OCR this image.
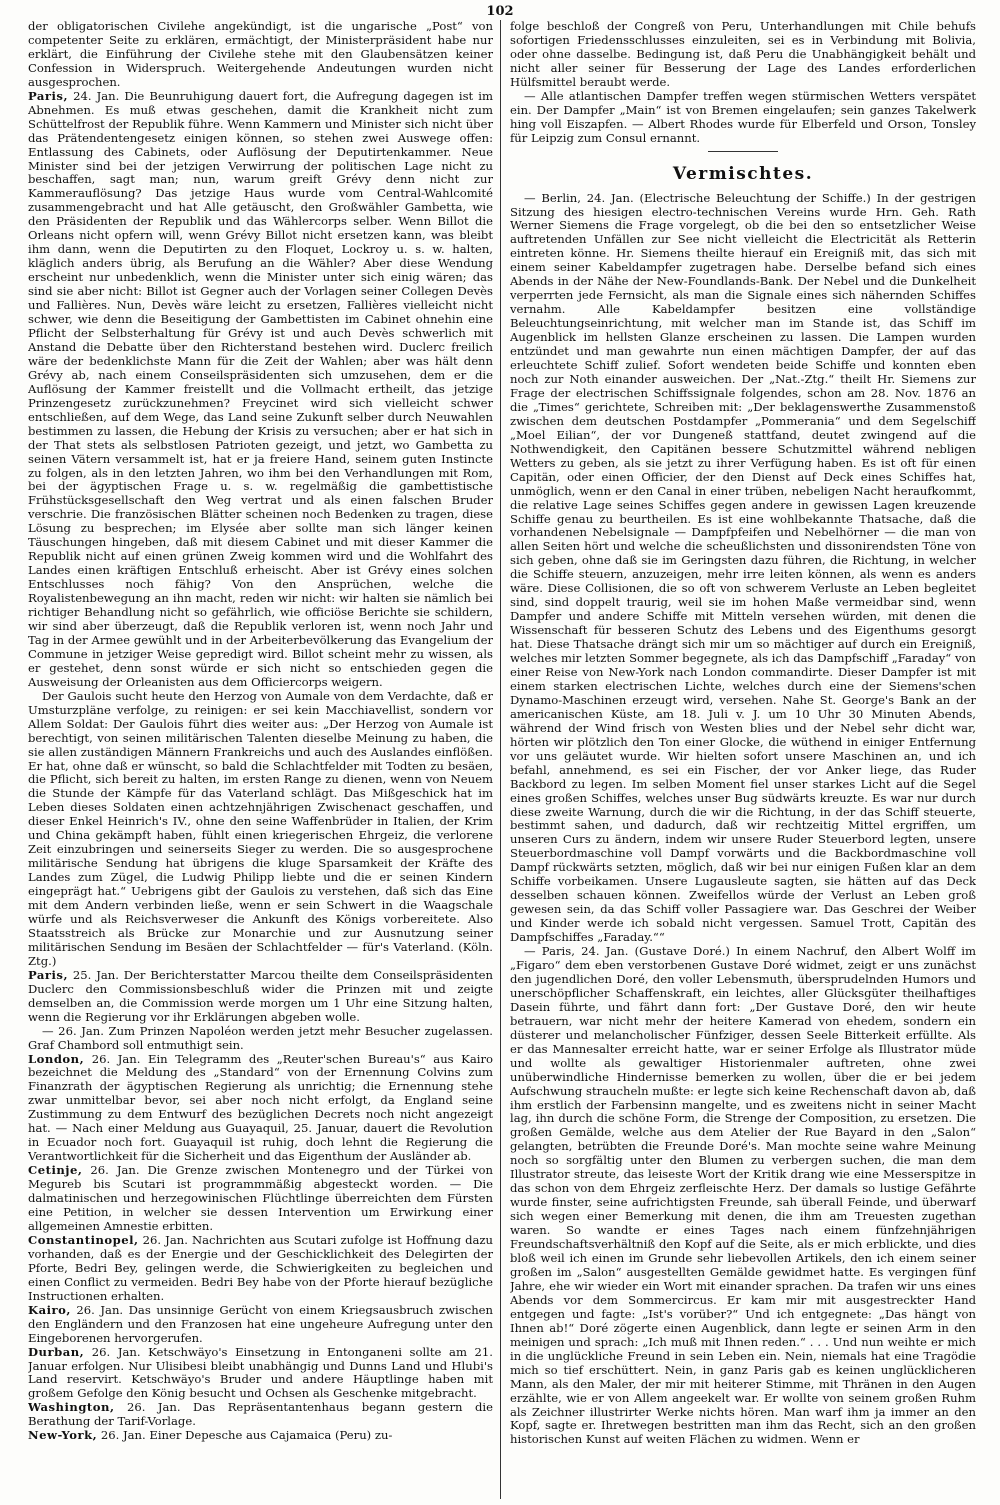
102

der obligatorischen Civilehe angekündigt, ist die ungarische „Post“ von competenter Seite zu erklären, ermächtigt, der Ministerpräsident habe nur erklärt, die Einführung der Civilehe stehe mit den Glaubensätzen keiner Confession in Widerspruch. Weitergehende Andeutungen wurden nicht ausgesprochen.

Paris, 24. Jan. Die Beunruhigung dauert fort, die Aufregung dagegen ist im Abnehmen. Es muß etwas geschehen, damit die Krankheit nicht zum Schüttelfrost der Republik führe. Wenn Kammern und Minister sich nicht über das Prätendentengesetz einigen können, so stehen zwei Auswege offen: Entlassung des Cabinets, oder Auflösung der Deputirtenkammer. Neue Minister sind bei der jetzigen Verwirrung der politischen Lage nicht zu beschaffen, sagt man; nun, warum greift Grévy denn nicht zur Kammerauflösung? Das jetzige Haus wurde vom Central-Wahlcomité zusammengebracht und hat Alle getäuscht, den Großwähler Gambetta, wie den Präsidenten der Republik und das Wählercorps selber. Wenn Billot die Orleans nicht opfern will, wenn Grévy Billot nicht ersetzen kann, was bleibt ihm dann, wenn die Deputirten zu den Floquet, Lockroy u. s. w. halten, kläglich anders übrig, als Berufung an die Wähler? Aber diese Wendung erscheint nur unbedenklich, wenn die Minister unter sich einig wären; das sind sie aber nicht: Billot ist Gegner auch der Vorlagen seiner Collegen Devès und Fallières. Nun, Devès wäre leicht zu ersetzen, Fallières vielleicht nicht schwer, wie denn die Beseitigung der Gambettisten im Cabinet ohnehin eine Pflicht der Selbsterhaltung für Grévy ist und auch Devès schwerlich mit Anstand die Debatte über den Richterstand bestehen wird. Duclerc freilich wäre der bedenklichste Mann für die Zeit der Wahlen; aber was hält denn Grévy ab, nach einem Conseilspräsidenten sich umzusehen, dem er die Auflösung der Kammer freistellt und die Vollmacht ertheilt, das jetzige Prinzengesetz zurückzunehmen? Freycinet wird sich vielleicht schwer entschließen, auf dem Wege, das Land seine Zukunft selber durch Neuwahlen bestimmen zu lassen, die Hebung der Krisis zu versuchen; aber er hat sich in der That stets als selbstlosen Patrioten gezeigt, und jetzt, wo Gambetta zu seinen Vätern versammelt ist, hat er ja freiere Hand, seinem guten Instincte zu folgen, als in den letzten Jahren, wo ihm bei den Verhandlungen mit Rom, bei der ägyptischen Frage u. s. w. regelmäßig die gambettistische Frühstücksgesellschaft den Weg vertrat und als einen falschen Bruder verschrie. Die französischen Blätter scheinen noch Bedenken zu tragen, diese Lösung zu besprechen; im Elysée aber sollte man sich länger keinen Täuschungen hingeben, daß mit diesem Cabinet und mit dieser Kammer die Republik nicht auf einen grünen Zweig kommen wird und die Wohlfahrt des Landes einen kräftigen Entschluß erheischt. Aber ist Grévy eines solchen Entschlusses noch fähig? Von den Ansprüchen, welche die Royalistenbewegung an ihn macht, reden wir nicht: wir halten sie nämlich bei richtiger Behandlung nicht so gefährlich, wie officiöse Berichte sie schildern, wir sind aber überzeugt, daß die Republik verloren ist, wenn noch Jahr und Tag in der Armee gewühlt und in der Arbeiterbevölkerung das Evangelium der Commune in jetziger Weise gepredigt wird. Billot scheint mehr zu wissen, als er gestehet, denn sonst würde er sich nicht so entschieden gegen die Ausweisung der Orleanisten aus dem Officiercorps weigern.

Der Gaulois sucht heute den Herzog von Aumale von dem Verdachte, daß er Umsturzpläne verfolge, zu reinigen: er sei kein Macchiavellist, sondern vor Allem Soldat: Der Gaulois führt dies weiter aus: „Der Herzog von Aumale ist berechtigt, von seinen militärischen Talenten dieselbe Meinung zu haben, die sie allen zuständigen Männern Frankreichs und auch des Auslandes einflößen. Er hat, ohne daß er wünscht, so bald die Schlachtfelder mit Todten zu besäen, die Pflicht, sich bereit zu halten, im ersten Range zu dienen, wenn von Neuem die Stunde der Kämpfe für das Vaterland schlägt. Das Mißgeschick hat im Leben dieses Soldaten einen achtzehnjährigen Zwischenact geschaffen, und dieser Enkel Heinrich's IV., ohne den seine Waffenbrüder in Italien, der Krim und China gekämpft haben, fühlt einen kriegerischen Ehrgeiz, die verlorene Zeit einzubringen und seinerseits Sieger zu werden. Die so ausgesprochene militärische Sendung hat übrigens die kluge Sparsamkeit der Kräfte des Landes zum Zügel, die Ludwig Philipp liebte und die er seinen Kindern eingeprägt hat.“ Uebrigens gibt der Gaulois zu verstehen, daß sich das Eine mit dem Andern verbinden ließe, wenn er sein Schwert in die Waagschale würfe und als Reichsverweser die Ankunft des Königs vorbereitete. Also Staatsstreich als Brücke zur Monarchie und zur Ausnutzung seiner militärischen Sendung im Besäen der Schlachtfelder — für's Vaterland. (Köln. Ztg.)

Paris, 25. Jan. Der Berichterstatter Marcou theilte dem Conseilspräsidenten Duclerc den Commissionsbeschluß wider die Prinzen mit und zeigte demselben an, die Commission werde morgen um 1 Uhr eine Sitzung halten, wenn die Regierung vor ihr Erklärungen abgeben wolle.

— 26. Jan. Zum Prinzen Napoléon werden jetzt mehr Besucher zugelassen. Graf Chambord soll entmuthigt sein.

London, 26. Jan. Ein Telegramm des „Reuter'schen Bureau's“ aus Kairo bezeichnet die Meldung des „Standard“ von der Ernennung Colvins zum Finanzrath der ägyptischen Regierung als unrichtig; die Ernennung stehe zwar unmittelbar bevor, sei aber noch nicht erfolgt, da England seine Zustimmung zu dem Entwurf des bezüglichen Decrets noch nicht angezeigt hat. — Nach einer Meldung aus Guayaquil, 25. Januar, dauert die Revolution in Ecuador noch fort. Guayaquil ist ruhig, doch lehnt die Regierung die Verantwortlichkeit für die Sicherheit und das Eigenthum der Ausländer ab.

Cetinje, 26. Jan. Die Grenze zwischen Montenegro und der Türkei von Megureb bis Scutari ist programmmäßig abgesteckt worden. — Die dalmatinischen und herzegowinischen Flüchtlinge überreichten dem Fürsten eine Petition, in welcher sie dessen Intervention um Erwirkung einer allgemeinen Amnestie erbitten.

Constantinopel, 26. Jan. Nachrichten aus Scutari zufolge ist Hoffnung dazu vorhanden, daß es der Energie und der Geschicklichkeit des Delegirten der Pforte, Bedri Bey, gelingen werde, die Schwierigkeiten zu begleichen und einen Conflict zu vermeiden. Bedri Bey habe von der Pforte hierauf bezügliche Instructionen erhalten.

Kairo, 26. Jan. Das unsinnige Gerücht von einem Kriegsausbruch zwischen den Engländern und den Franzosen hat eine ungeheure Aufregung unter den Eingeborenen hervorgerufen.

Durban, 26. Jan. Ketschwäyo's Einsetzung in Entonganeni sollte am 21. Januar erfolgen. Nur Ulisibesi bleibt unabhängig und Dunns Land und Hlubi's Land reservirt. Ketschwäyo's Bruder und andere Häuptlinge haben mit großem Gefolge den König besucht und Ochsen als Geschenke mitgebracht.

Washington, 26. Jan. Das Repräsentantenhaus begann gestern die Berathung der Tarif-Vorlage.

New-York, 26. Jan. Einer Depesche aus Cajamaica (Peru) zu-

folge beschloß der Congreß von Peru, Unterhandlungen mit Chile behufs sofortigen Friedensschlusses einzuleiten, sei es in Verbindung mit Bolivia, oder ohne dasselbe. Bedingung ist, daß Peru die Unabhängigkeit behält und nicht aller seiner für Besserung der Lage des Landes erforderlichen Hülfsmittel beraubt werde.

— Alle atlantischen Dampfer treffen wegen stürmischen Wetters verspätet ein. Der Dampfer „Main“ ist von Bremen eingelaufen; sein ganzes Takelwerk hing voll Eiszapfen. — Albert Rhodes wurde für Elberfeld und Orson, Tonsley für Leipzig zum Consul ernannt.

Vermischtes.

— Berlin, 24. Jan. (Electrische Beleuchtung der Schiffe.) In der gestrigen Sitzung des hiesigen electro-technischen Vereins wurde Hrn. Geh. Rath Werner Siemens die Frage vorgelegt, ob die bei den so entsetzlicher Weise auftretenden Unfällen zur See nicht vielleicht die Electricität als Retterin eintreten könne. Hr. Siemens theilte hierauf ein Ereigniß mit, das sich mit einem seiner Kabeldampfer zugetragen habe. Derselbe befand sich eines Abends in der Nähe der New-Foundlands-Bank. Der Nebel und die Dunkelheit verperrten jede Fernsicht, als man die Signale eines sich nähernden Schiffes vernahm. Alle Kabeldampfer besitzen eine vollständige Beleuchtungseinrichtung, mit welcher man im Stande ist, das Schiff im Augenblick im hellsten Glanze erscheinen zu lassen. Die Lampen wurden entzündet und man gewahrte nun einen mächtigen Dampfer, der auf das erleuchtete Schiff zulief. Sofort wendeten beide Schiffe und konnten eben noch zur Noth einander ausweichen. Der „Nat.-Ztg.“ theilt Hr. Siemens zur Frage der electrischen Schiffssignale folgendes, schon am 28. Nov. 1876 an die „Times“ gerichtete, Schreiben mit: „Der beklagenswerthe Zusammenstoß zwischen dem deutschen Postdampfer „Pommerania“ und dem Segelschiff „Moel Eilian“, der vor Dungeneß stattfand, deutet zwingend auf die Nothwendigkeit, den Capitänen bessere Schutzmittel während nebligen Wetters zu geben, als sie jetzt zu ihrer Verfügung haben. Es ist oft für einen Capitän, oder einen Officier, der den Dienst auf Deck eines Schiffes hat, unmöglich, wenn er den Canal in einer trüben, nebeligen Nacht heraufkommt, die relative Lage seines Schiffes gegen andere in gewissen Lagen kreuzende Schiffe genau zu beurtheilen. Es ist eine wohlbekannte Thatsache, daß die vorhandenen Nebelsignale — Dampfpfeifen und Nebelhörner — die man von allen Seiten hört und welche die scheußlichsten und dissonirendsten Töne von sich geben, ohne daß sie im Geringsten dazu führen, die Richtung, in welcher die Schiffe steuern, anzuzeigen, mehr irre leiten können, als wenn es anders wäre. Diese Collisionen, die so oft von schwerem Verluste an Leben begleitet sind, sind doppelt traurig, weil sie im hohen Maße vermeidbar sind, wenn Dampfer und andere Schiffe mit Mitteln versehen würden, mit denen die Wissenschaft für besseren Schutz des Lebens und des Eigenthums gesorgt hat. Diese Thatsache drängt sich mir um so mächtiger auf durch ein Ereigniß, welches mir letzten Sommer begegnete, als ich das Dampfschiff „Faraday“ von einer Reise von New-York nach London commandirte. Dieser Dampfer ist mit einem starken electrischen Lichte, welches durch eine der Siemens'schen Dynamo-Maschinen erzeugt wird, versehen. Nahe St. George's Bank an der americanischen Küste, am 18. Juli v. J. um 10 Uhr 30 Minuten Abends, während der Wind frisch von Westen blies und der Nebel sehr dicht war, hörten wir plötzlich den Ton einer Glocke, die wüthend in einiger Entfernung vor uns geläutet wurde. Wir hielten sofort unsere Maschinen an, und ich befahl, annehmend, es sei ein Fischer, der vor Anker liege, das Ruder Backbord zu legen. Im selben Moment fiel unser starkes Licht auf die Segel eines großen Schiffes, welches unser Bug südwärts kreuzte. Es war nur durch diese zweite Warnung, durch die wir die Richtung, in der das Schiff steuerte, bestimmt sahen, und dadurch, daß wir rechtzeitig Mittel ergriffen, um unseren Curs zu ändern, indem wir unsere Ruder Steuerbord legten, unsere Steuerbordmaschine voll Dampf vorwärts und die Backbordmaschine voll Dampf rückwärts setzten, möglich, daß wir bei nur einigen Fußen klar an dem Schiffe vorbeikamen. Unsere Lugausleute sagten, sie hätten auf das Deck desselben schauen können. Zweifellos würde der Verlust an Leben groß gewesen sein, da das Schiff voller Passagiere war. Das Geschrei der Weiber und Kinder werde ich sobald nicht vergessen. Samuel Trott, Capitän des Dampfschiffes „Faraday.““

— Paris, 24. Jan. (Gustave Doré.) In einem Nachruf, den Albert Wolff im „Figaro“ dem eben verstorbenen Gustave Doré widmet, zeigt er uns zunächst den jugendlichen Doré, den voller Lebensmuth, übersprudelnden Humors und unerschöpflicher Schaffenskraft, ein leichtes, aller Glücksgüter theilhaftiges Dasein führte, und fährt dann fort: „Der Gustave Doré, den wir heute betrauern, war nicht mehr der heitere Kamerad von ehedem, sondern ein düsterer und melancholischer Fünfziger, dessen Seele Bitterkeit erfüllte. Als er das Mannesalter erreicht hatte, war er seiner Erfolge als Illustrator müde und wollte als gewaltiger Historienmaler auftreten, ohne zwei unüberwindliche Hindernisse bemerken zu wollen, über die er bei jedem Aufschwung straucheln mußte: er legte sich keine Rechenschaft davon ab, daß ihm erstlich der Farbensinn mangelte, und es zweitens nicht in seiner Macht lag, ihn durch die schöne Form, die Strenge der Composition, zu ersetzen. Die großen Gemälde, welche aus dem Atelier der Rue Bayard in den „Salon“ gelangten, betrübten die Freunde Doré's. Man mochte seine wahre Meinung noch so sorgfältig unter den Blumen zu verbergen suchen, die man dem Illustrator streute, das leiseste Wort der Kritik drang wie eine Messerspitze in das schon von dem Ehrgeiz zerfleischte Herz. Der damals so lustige Gefährte wurde finster, seine aufrichtigsten Freunde, sah überall Feinde, und überwarf sich wegen einer Bemerkung mit denen, die ihm am Treuesten zugethan waren. So wandte er eines Tages nach einem fünfzehnjährigen Freundschaftsverhältniß den Kopf auf die Seite, als er mich erblickte, und dies bloß weil ich einen im Grunde sehr liebevollen Artikels, den ich einem seiner großen im „Salon“ ausgestellten Gemälde gewidmet hatte. Es vergingen fünf Jahre, ehe wir wieder ein Wort mit einander sprachen. Da trafen wir uns eines Abends vor dem Sommercircus. Er kam mir mit ausgestreckter Hand entgegen und fagte: „Ist's vorüber?“ Und ich entgegnete: „Das hängt von Ihnen ab!“ Doré zögerte einen Augenblick, dann legte er seinen Arm in den meinigen und sprach: „Ich muß mit Ihnen reden.“ . . . Und nun weihte er mich in die unglückliche Freund in sein Leben ein. Nein, niemals hat eine Tragödie mich so tief erschüttert. Nein, in ganz Paris gab es keinen unglücklicheren Mann, als den Maler, der mir mit heiterer Stimme, mit Thränen in den Augen erzählte, wie er von Allem angeekelt war. Er wollte von seinem großen Ruhm als Zeichner illustrirter Werke nichts hören. Man warf ihm ja immer an den Kopf, sagte er. Ihretwegen bestritten man ihm das Recht, sich an den großen historischen Kunst auf weiten Flächen zu widmen. Wenn er
